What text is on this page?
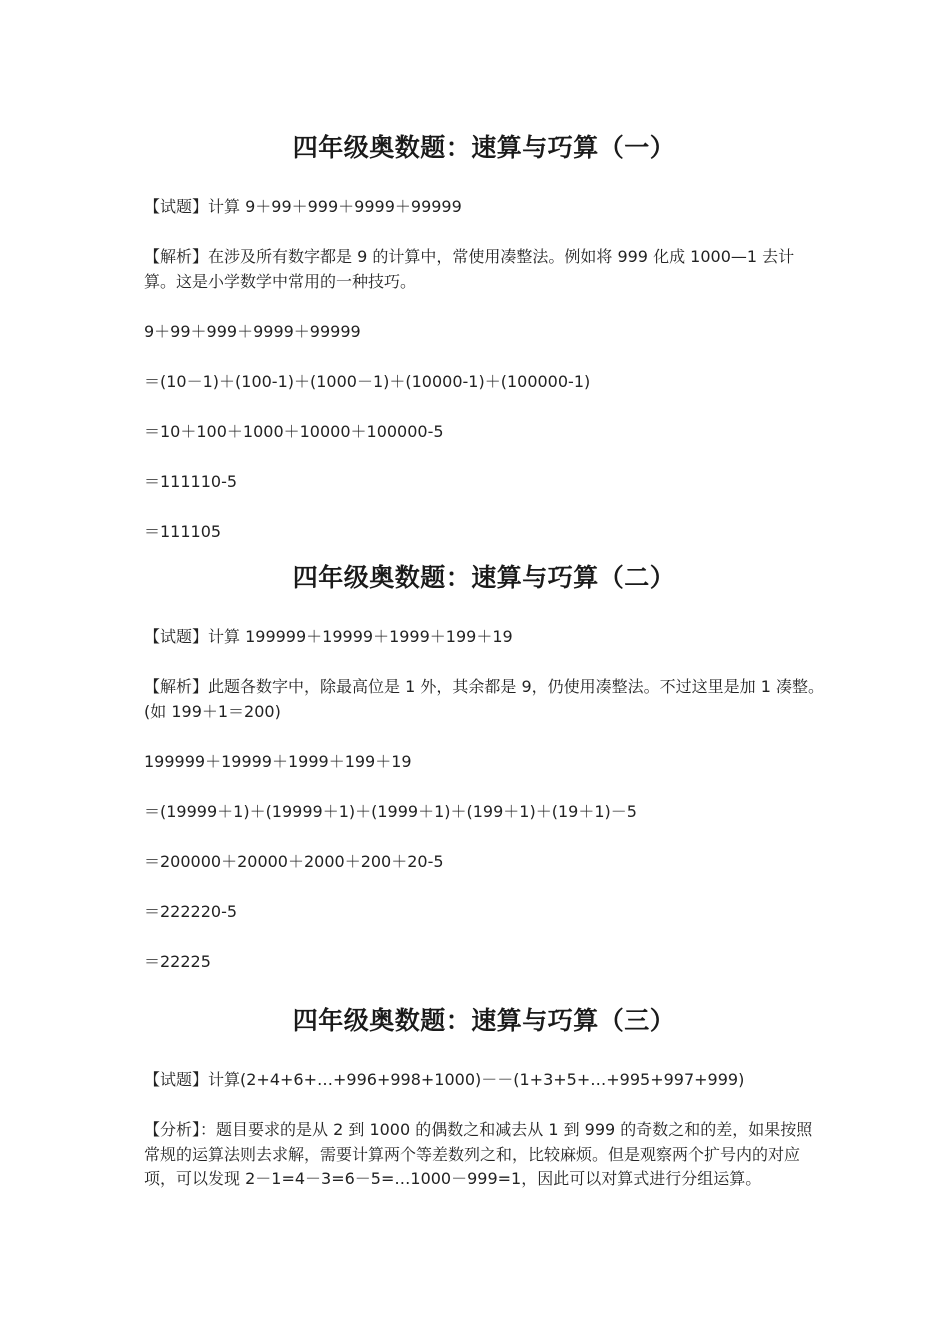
四年级奥数题：速算与巧算（一）

【试题】计算 9＋99＋999＋9999＋99999

【解析】在涉及所有数字都是 9 的计算中，常使用凑整法。例如将 999 化成 1000—1 去计算。这是小学数学中常用的一种技巧。

9＋99＋999＋9999＋99999

＝(10－1)＋(100-1)＋(1000－1)＋(10000-1)＋(100000-1)

＝10＋100＋1000＋10000＋100000-5

＝111110-5

＝111105

四年级奥数题：速算与巧算（二）

【试题】计算 199999＋19999＋1999＋199＋19

【解析】此题各数字中，除最高位是 1 外，其余都是 9，仍使用凑整法。不过这里是加 1 凑整。(如 199＋1＝200)

199999＋19999＋1999＋199＋19

＝(19999＋1)＋(19999＋1)＋(1999＋1)＋(199＋1)＋(19＋1)－5

＝200000＋20000＋2000＋200＋20-5

＝222220-5

＝22225

四年级奥数题：速算与巧算（三）

【试题】计算(2+4+6+…+996+998+1000)－－(1+3+5+…+995+997+999)

【分析】：题目要求的是从 2 到 1000 的偶数之和减去从 1 到 999 的奇数之和的差，如果按照常规的运算法则去求解，需要计算两个等差数列之和，比较麻烦。但是观察两个扩号内的对应项，可以发现 2－1=4－3=6－5=…1000－999=1，因此可以对算式进行分组运算。
